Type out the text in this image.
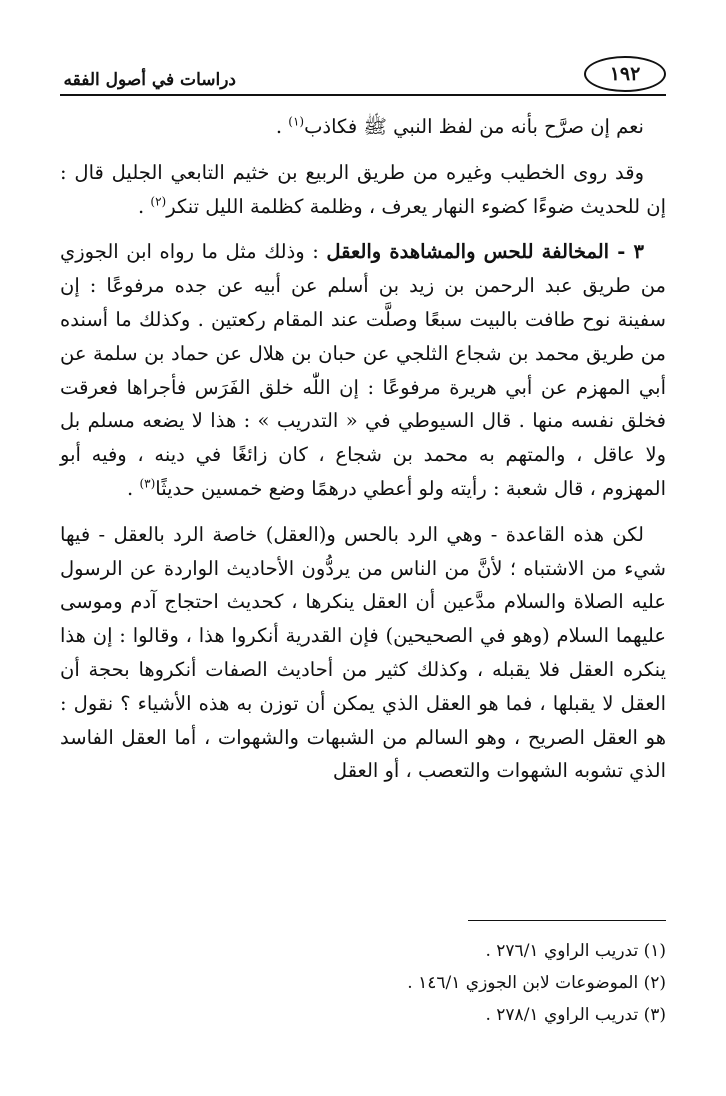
١٩٢
دراسات في أصول الفقه

نعم إن صرَّح بأنه من لفظ النبي ﷺ فكاذب$^{(١)}$ .

وقد روى الخطيب وغيره من طريق الربيع بن خثيم التابعي الجليل قال : إن للحديث ضوءًا كضوء النهار يعرف ، وظلمة كظلمة الليل تنكر$^{(٢)}$ .

٣ - المخالفة للحس والمشاهدة والعقل : وذلك مثل ما رواه ابن الجوزي من طريق عبد الرحمن بن زيد بن أسلم عن أبيه عن جده مرفوعًا : إن سفينة نوح طافت بالبيت سبعًا وصلَّت عند المقام ركعتين . وكذلك ما أسنده من طريق محمد بن شجاع الثلجي عن حبان بن هلال عن حماد بن سلمة عن أبي المهزم عن أبي هريرة مرفوعًا : إن اللّٰه خلق الفَرَس فأجراها فعرقت فخلق نفسه منها . قال السيوطي في « التدريب » : هذا لا يضعه مسلم بل ولا عاقل ، والمتهم به محمد بن شجاع ، كان زائغًا في دينه ، وفيه أبو المهزوم ، قال شعبة : رأيته ولو أعطي درهمًا وضع خمسين حديثًا$^{(٣)}$ .

لكن هذه القاعدة - وهي الرد بالحس و(العقل) خاصة الرد بالعقل - فيها شيء من الاشتباه ؛ لأنَّ من الناس من يردُّون الأحاديث الواردة عن الرسول عليه الصلاة والسلام مدَّعين أن العقل ينكرها ، كحديث احتجاج آدم وموسى عليهما السلام (وهو في الصحيحين) فإن القدرية أنكروا هذا ، وقالوا : إن هذا ينكره العقل فلا يقبله ، وكذلك كثير من أحاديث الصفات أنكروها بحجة أن العقل لا يقبلها ، فما هو العقل الذي يمكن أن توزن به هذه الأشياء ؟ نقول : هو العقل الصريح ، وهو السالم من الشبهات والشهوات ، أما العقل الفاسد الذي تشوبه الشهوات والتعصب ، أو العقل

(١) تدريب الراوي ٢٧٦/١ .

(٢) الموضوعات لابن الجوزي ١٤٦/١ .

(٣) تدريب الراوي ٢٧٨/١ .
